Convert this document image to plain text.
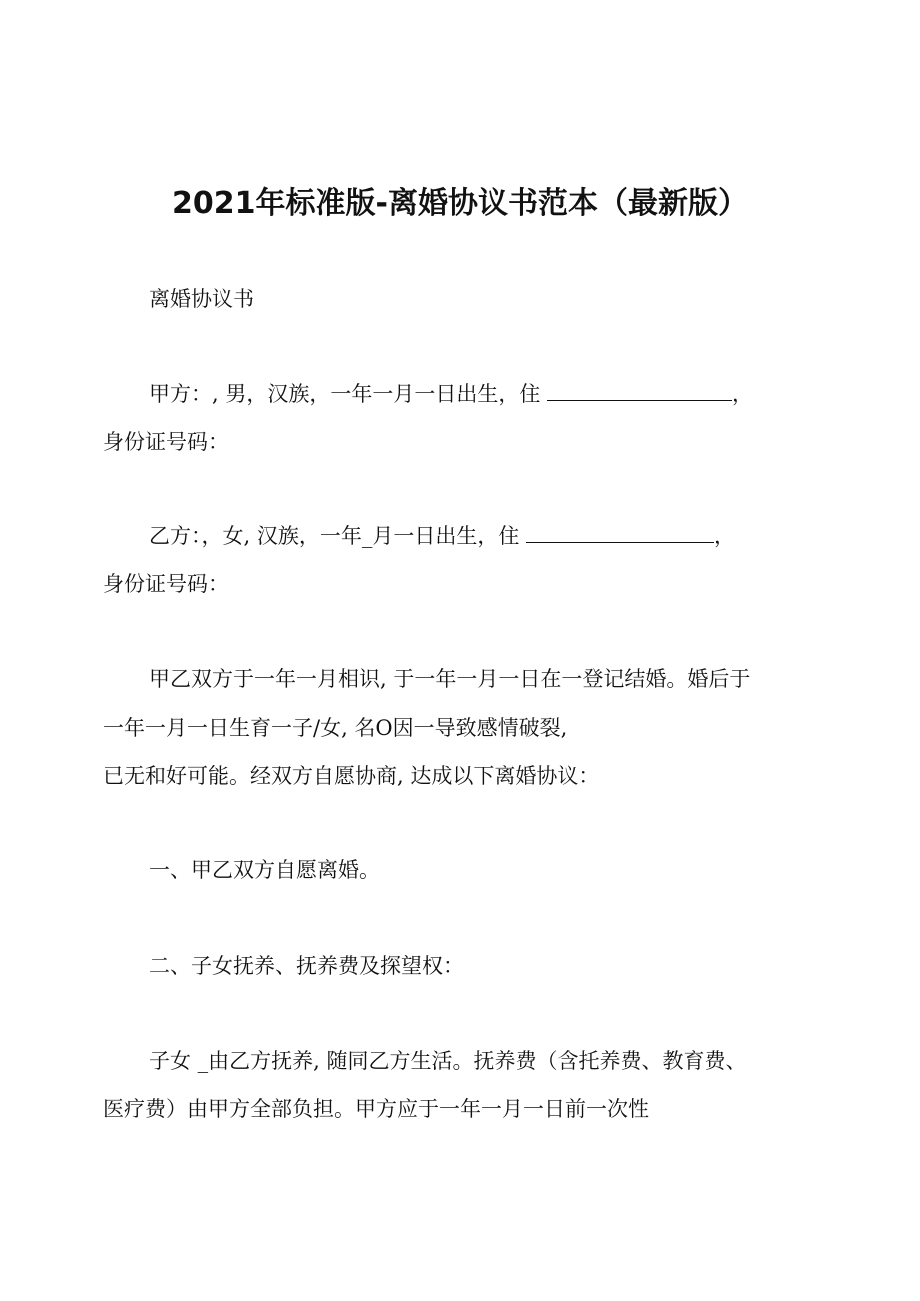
2021年标准版-离婚协议书范本（最新版）
离婚协议书
甲方：, 男，汉族，一年一月一日出生，住	，
身份证号码：
乙方：，女, 汉族，一年_月一日出生，住	，
身份证号码：
甲乙双方于一年一月相识, 于一年一月一日在一登记结婚。婚后于
一年一月一日生育一子/女, 名O因一导致感情破裂,
已无和好可能。经双方自愿协商, 达成以下离婚协议：
一、甲乙双方自愿离婚。
二、子女抚养、抚养费及探望权：
子女 _由乙方抚养, 随同乙方生活。抚养费（含托养费、教育费、
医疗费）由甲方全部负担。甲方应于一年一月一日前一次性
